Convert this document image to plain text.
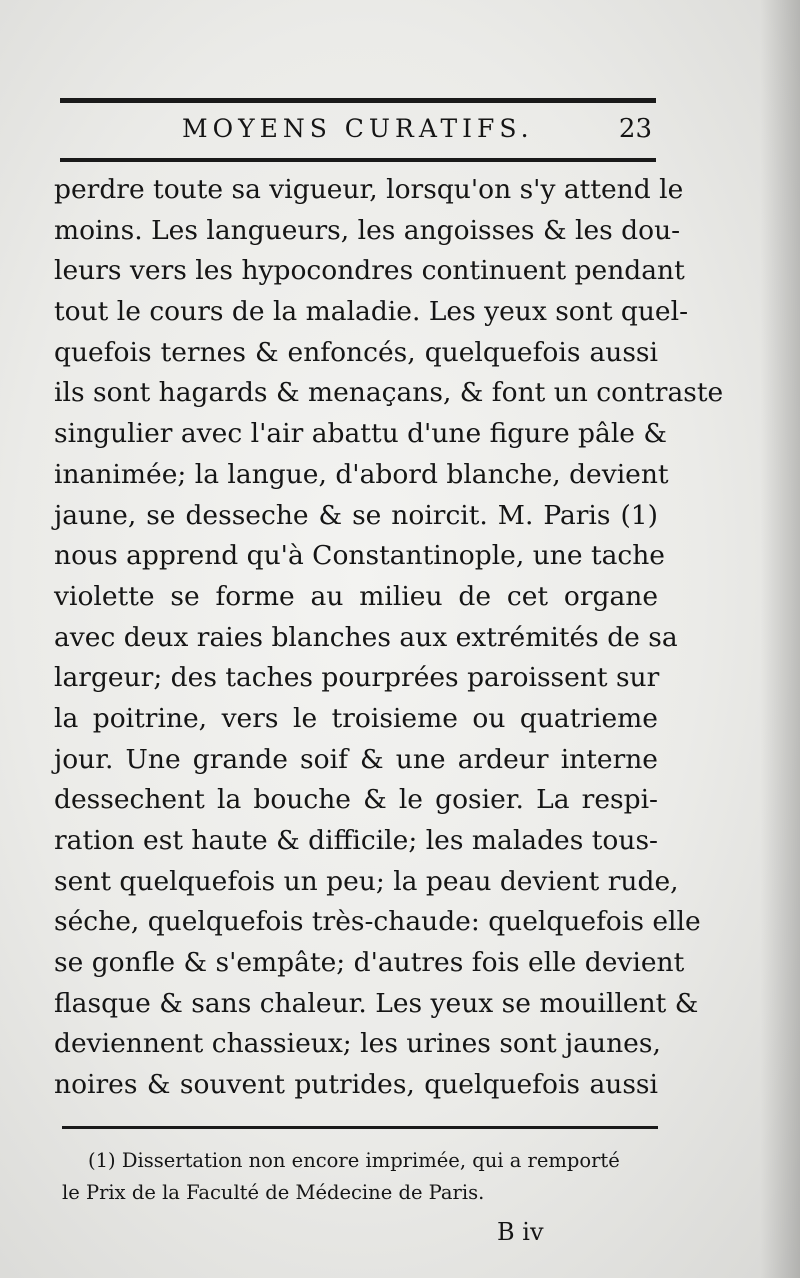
MOYENS CURATIFS.	23
perdre toute sa vigueur, lorsqu'on s'y attend le
moins. Les langueurs, les angoisses & les dou-
leurs vers les hypocondres continuent pendant
tout le cours de la maladie. Les yeux sont quel-
quefois ternes & enfoncés, quelquefois aussi
ils sont hagards & menaçans, & font un contraste
singulier avec l'air abattu d'une figure pâle &
inanimée; la langue, d'abord blanche, devient
jaune, se desseche & se noircit. M. Paris (1)
nous apprend qu'à Constantinople, une tache
violette se forme au milieu de cet organe
avec deux raies blanches aux extrémités de sa
largeur; des taches pourprées paroissent sur
la poitrine, vers le troisieme ou quatrieme
jour. Une grande soif & une ardeur interne
dessechent la bouche & le gosier. La respi-
ration est haute & difficile; les malades tous-
sent quelquefois un peu; la peau devient rude,
séche, quelquefois très-chaude: quelquefois elle
se gonfle & s'empâte; d'autres fois elle devient
flasque & sans chaleur. Les yeux se mouillent &
deviennent chassieux; les urines sont jaunes,
noires & souvent putrides, quelquefois aussi
(1) Dissertation non encore imprimée, qui a remporté
le Prix de la Faculté de Médecine de Paris.
B iv
